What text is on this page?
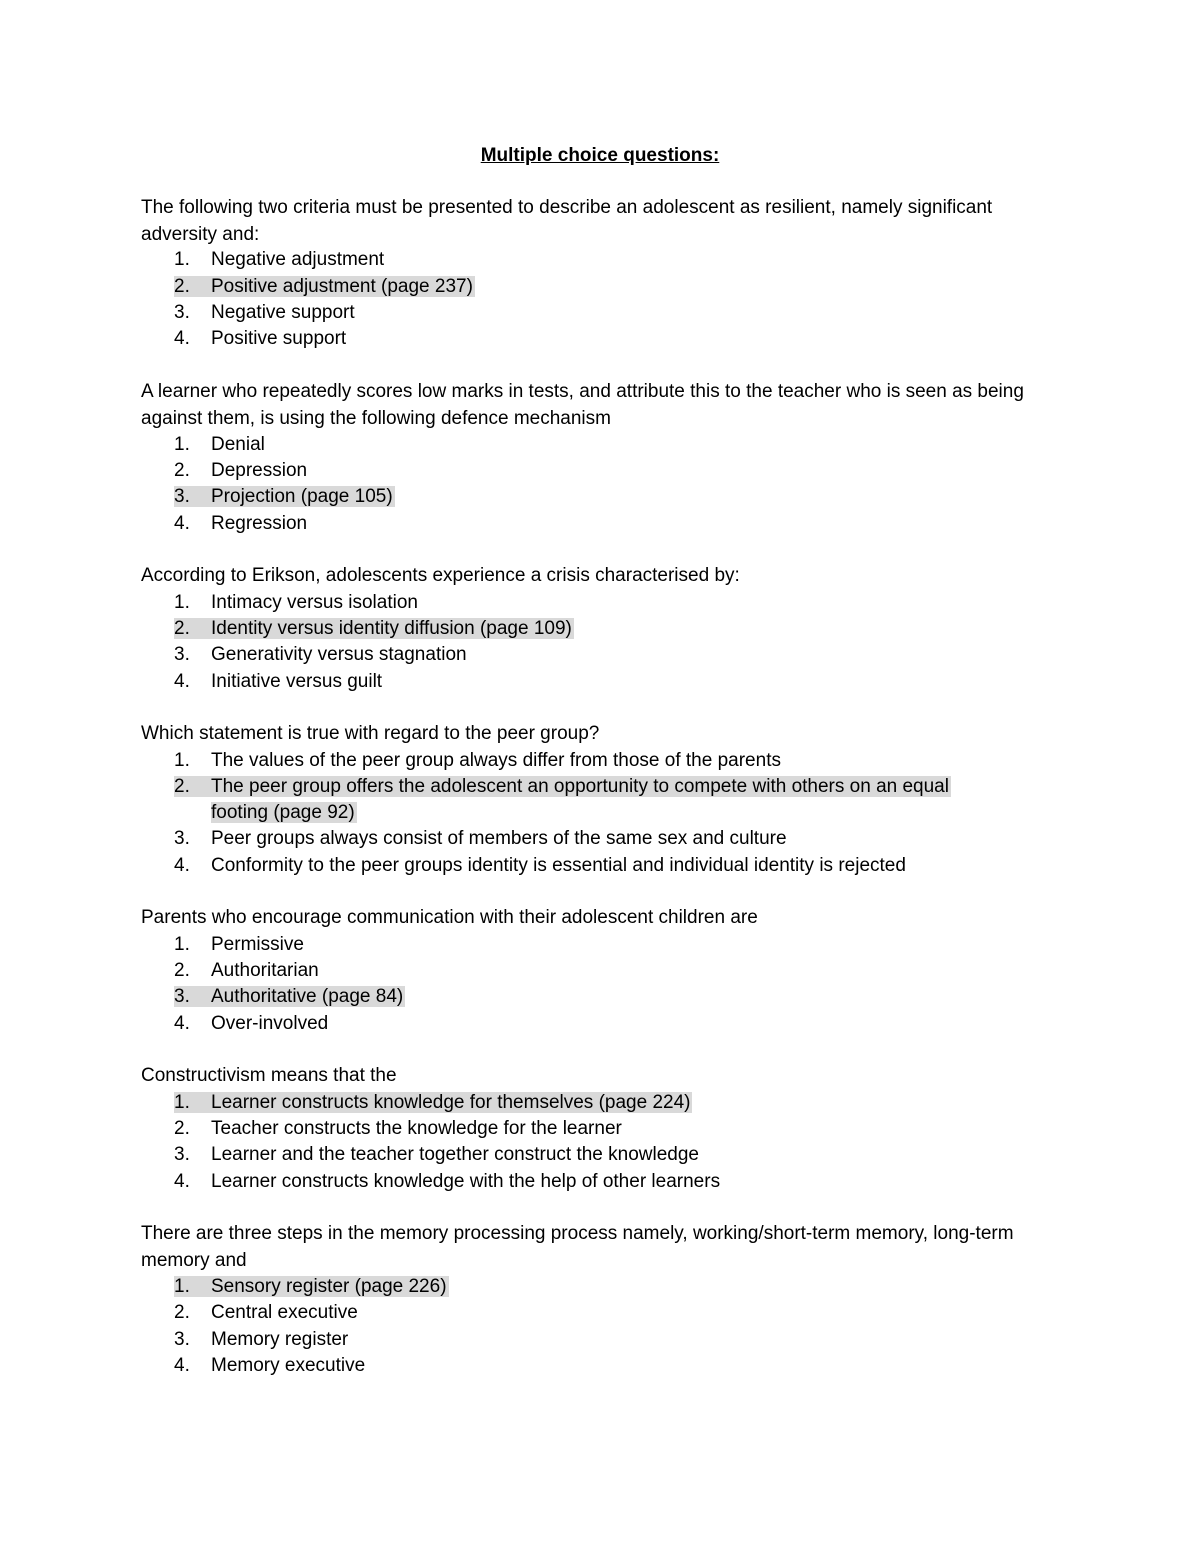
Multiple choice questions:

The following two criteria must be presented to describe an adolescent as resilient, namely significant adversity and:

1. Negative adjustment
2. Positive adjustment (page 237)
3. Negative support
4. Positive support

A learner who repeatedly scores low marks in tests, and attribute this to the teacher who is seen as being against them, is using the following defence mechanism

1. Denial
2. Depression
3. Projection (page 105)
4. Regression

According to Erikson, adolescents experience a crisis characterised by:

1. Intimacy versus isolation
2. Identity versus identity diffusion (page 109)
3. Generativity versus stagnation
4. Initiative versus guilt

Which statement is true with regard to the peer group?

1. The values of the peer group always differ from those of the parents
2. The peer group offers the adolescent an opportunity to compete with others on an equal
footing (page 92)
3. Peer groups always consist of members of the same sex and culture
4. Conformity to the peer groups identity is essential and individual identity is rejected

Parents who encourage communication with their adolescent children are

1. Permissive
2. Authoritarian
3. Authoritative (page 84)
4. Over-involved

Constructivism means that the

1. Learner constructs knowledge for themselves (page 224)
2. Teacher constructs the knowledge for the learner
3. Learner and the teacher together construct the knowledge
4. Learner constructs knowledge with the help of other learners

There are three steps in the memory processing process namely, working/short-term memory, long-term memory and

1. Sensory register (page 226)
2. Central executive
3. Memory register
4. Memory executive
